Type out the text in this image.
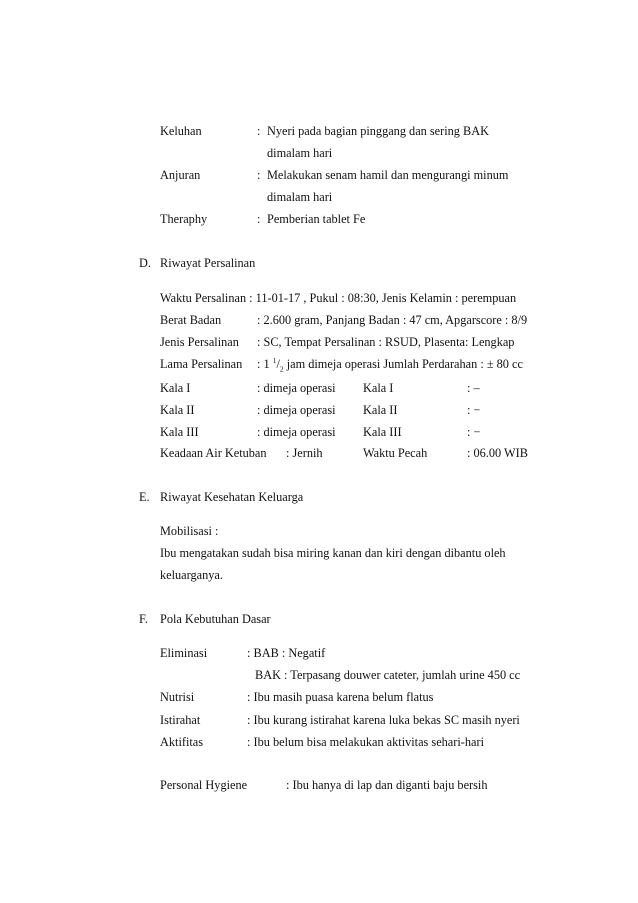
Keluhan	: Nyeri pada bagian pinggang dan sering BAK
dimalam hari
Anjuran	: Melakukan senam hamil dan mengurangi minum
dimalam hari
Theraphy	: Pemberian tablet Fe
D. Riwayat Persalinan
Waktu Persalinan : 11-01-17 , Pukul : 08:30, Jenis Kelamin : perempuan
Berat Badan	: 2.600 gram, Panjang Badan : 47 cm, Apgarscore : 8/9
Jenis Persalinan : SC, Tempat Persalinan : RSUD, Plasenta: Lengkap
Lama Persalinan : 1 $^1/_2$ jam dimeja operasi Jumlah Perdarahan : ± 80 cc
Kala I	: dimeja operasi Kala I	: –
Kala II	: dimeja operasi Kala II	: −
Kala III	: dimeja operasi Kala III	: −
Keadaan Air Ketuban : Jernih	Waktu Pecah	: 06.00 WIB
E. Riwayat Kesehatan Keluarga
Mobilisasi :
Ibu mengatakan sudah bisa miring kanan dan kiri dengan dibantu oleh
keluarganya.
F. Pola Kebutuhan Dasar
Eliminasi	: BAB : Negatif
BAK : Terpasang douwer cateter, jumlah urine 450 cc
Nutrisi	: Ibu masih puasa karena belum flatus
Istirahat	: Ibu kurang istirahat karena luka bekas SC masih nyeri
Aktifitas	: Ibu belum bisa melakukan aktivitas sehari-hari
Personal Hygiene	: Ibu hanya di lap dan diganti baju bersih
